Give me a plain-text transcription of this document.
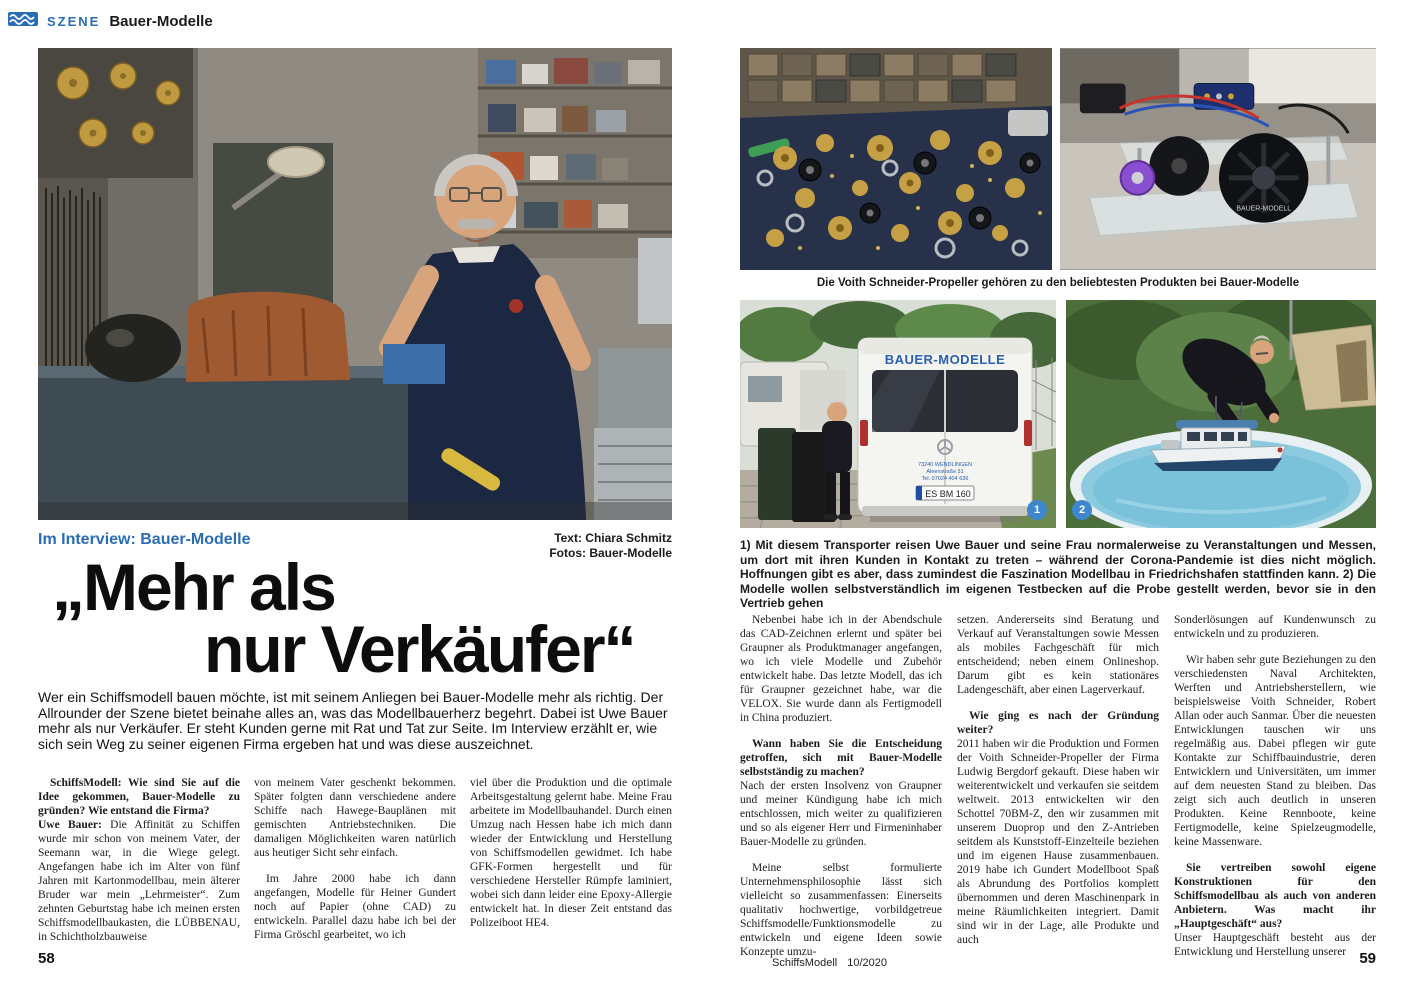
SZENE Bauer-Modelle
Im Interview: Bauer-Modelle	Text: Chiara Schmitz
Fotos: Bauer-Modelle
„Mehr als
nur Verkäufer“
Wer ein Schiffsmodell bauen möchte, ist mit seinem Anliegen bei Bauer-Modelle mehr als richtig. Der Allrounder der Szene bietet beinahe alles an, was das Modellbauerherz begehrt. Dabei ist Uwe Bauer mehr als nur Verkäufer. Er steht Kunden gerne mit Rat und Tat zur Seite. Im Interview erzählt er, wie sich sein Weg zu seiner eigenen Firma ergeben hat und was diese auszeichnet.

SchiffsModell: Wie sind Sie auf die Idee gekommen, Bauer-Modelle zu gründen? Wie entstand die Firma?

Uwe Bauer: Die Affinität zu Schiffen wurde mir schon von meinem Vater, der Seemann war, in die Wiege gelegt. Angefangen habe ich im Alter von fünf Jahren mit Kartonmodellbau, mein älterer Bruder war mein „Lehrmeister“. Zum zehnten Geburtstag habe ich meinen ersten Schiffsmodellbaukasten, die LÜBBENAU, in Schichtholzbauweise

von meinem Vater geschenkt bekommen. Später folgten dann verschiedene andere Schiffe nach Hawege-Bauplänen mit gemischten Antriebstechniken. Die damaligen Möglichkeiten waren natürlich aus heutiger Sicht sehr einfach.

Im Jahre 2000 habe ich dann angefangen, Modelle für Heiner Gundert noch auf Papier (ohne CAD) zu entwickeln. Parallel dazu habe ich bei der Firma Gröschl gearbeitet, wo ich

viel über die Produktion und die optimale Arbeitsgestaltung gelernt habe. Meine Frau arbeitete im Modellbauhandel. Durch einen Umzug nach Hessen habe ich mich dann wieder der Entwicklung und Herstellung von Schiffsmodellen gewidmet. Ich habe GFK-Formen hergestellt und für verschiedene Hersteller Rümpfe laminiert, wobei sich dann leider eine Epoxy-Allergie entwickelt hat. In dieser Zeit entstand das Polizeiboot HE4.

58
BAUER-MODELL
Die Voith Schneider-Propeller gehören zu den beliebtesten Produkten bei Bauer-Modelle
BAUER-MODELLE
73240 WENDLINGEN
Aleenstraße 31
Tel. 07024 404 636
ES BM 160
1	2
1) Mit diesem Transporter reisen Uwe Bauer und seine Frau normalerweise zu Veranstaltungen und Messen, um dort mit ihren Kunden in Kontakt zu treten – während der Corona-Pandemie ist dies nicht möglich. Hoffnungen gibt es aber, dass zumindest die Faszination Modellbau in Friedrichshafen stattfinden kann. 2) Die Modelle wollen selbstverständlich im eigenen Testbecken auf die Probe gestellt werden, bevor sie in den Vertrieb gehen

Nebenbei habe ich in der Abendschule das CAD-Zeichnen erlernt und später bei Graupner als Produktmanager angefangen, wo ich viele Modelle und Zubehör entwickelt habe. Das letzte Modell, das ich für Graupner gezeichnet habe, war die VELOX. Sie wurde dann als Fertigmodell in China produziert.

Wann haben Sie die Entscheidung getroffen, sich mit Bauer-Modelle selbstständig zu machen?

Nach der ersten Insolvenz von Graupner und meiner Kündigung habe ich mich entschlossen, mich weiter zu qualifizieren und so als eigener Herr und Firmeninhaber Bauer-Modelle zu gründen.

Meine selbst formulierte Unternehmensphilosophie lässt sich vielleicht so zusammenfassen: Einerseits qualitativ hochwertige, vorbildgetreue Schiffsmodelle/Funktionsmodelle zu entwickeln und eigene Ideen sowie Konzepte umzu-

setzen. Andererseits sind Beratung und Verkauf auf Veranstaltungen sowie Messen als mobiles Fachgeschäft für mich entscheidend; neben einem Onlineshop. Darum gibt es kein stationäres Ladengeschäft, aber einen Lagerverkauf.

Wie ging es nach der Gründung weiter?

2011 haben wir die Produktion und Formen der Voith Schneider-Propeller der Firma Ludwig Bergdorf gekauft. Diese haben wir weiterentwickelt und verkaufen sie seitdem weltweit. 2013 entwickelten wir den Schottel 70BM-Z, den wir zusammen mit unserem Duoprop und den Z-Antrieben seitdem als Kunststoff-Einzelteile beziehen und im eigenen Hause zusammenbauen. 2019 habe ich Gundert Modellboot Spaß als Abrundung des Portfolios komplett übernommen und deren Maschinenpark in meine Räumlichkeiten integriert. Damit sind wir in der Lage, alle Produkte und auch

Sonderlösungen auf Kundenwunsch zu entwickeln und zu produzieren.

Wir haben sehr gute Beziehungen zu den verschiedensten Naval Architekten, Werften und Antriebsherstellern, wie beispielsweise Voith Schneider, Robert Allan oder auch Sanmar. Über die neuesten Entwicklungen tauschen wir uns regelmäßig aus. Dabei pflegen wir gute Kontakte zur Schiffbauindustrie, deren Entwicklern und Universitäten, um immer auf dem neuesten Stand zu bleiben. Das zeigt sich auch deutlich in unseren Produkten. Keine Rennboote, keine Fertigmodelle, keine Spielzeugmodelle, keine Massenware.

Sie vertreiben sowohl eigene Konstruktionen für den Schiffsmodellbau als auch von anderen Anbietern. Was macht ihr „Hauptgeschäft“ aus?

Unser Hauptgeschäft besteht aus der Entwicklung und Herstellung unserer

SchiffsModell 10/2020	59
